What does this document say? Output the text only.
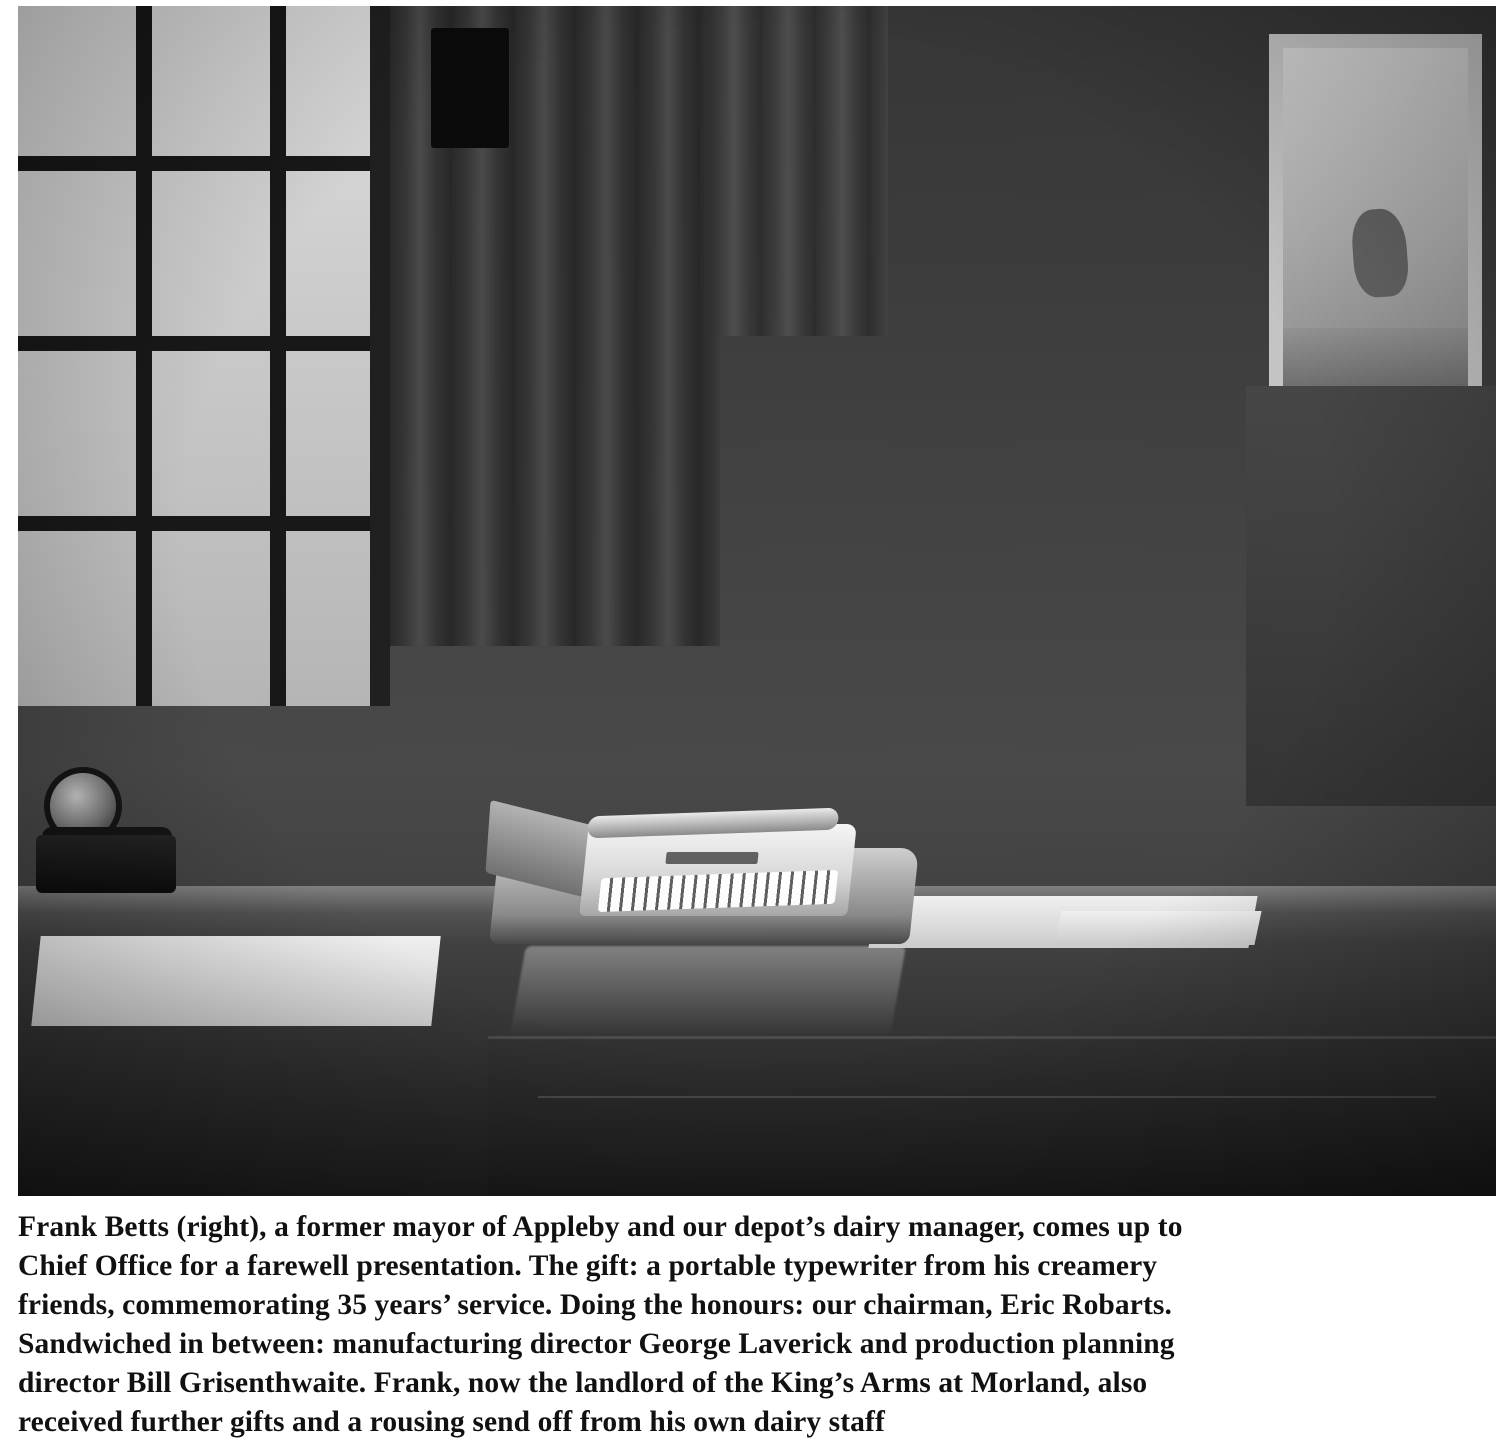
Frank Betts (right), a former mayor of Appleby and our depot’s dairy manager, comes up to

Chief Office for a farewell presentation. The gift: a portable typewriter from his creamery

friends, commemorating 35 years’ service. Doing the honours: our chairman, Eric Robarts.

Sandwiched in between: manufacturing director George Laverick and production planning

director Bill Grisenthwaite. Frank, now the landlord of the King’s Arms at Morland, also

received further gifts and a rousing send off from his own dairy staff
